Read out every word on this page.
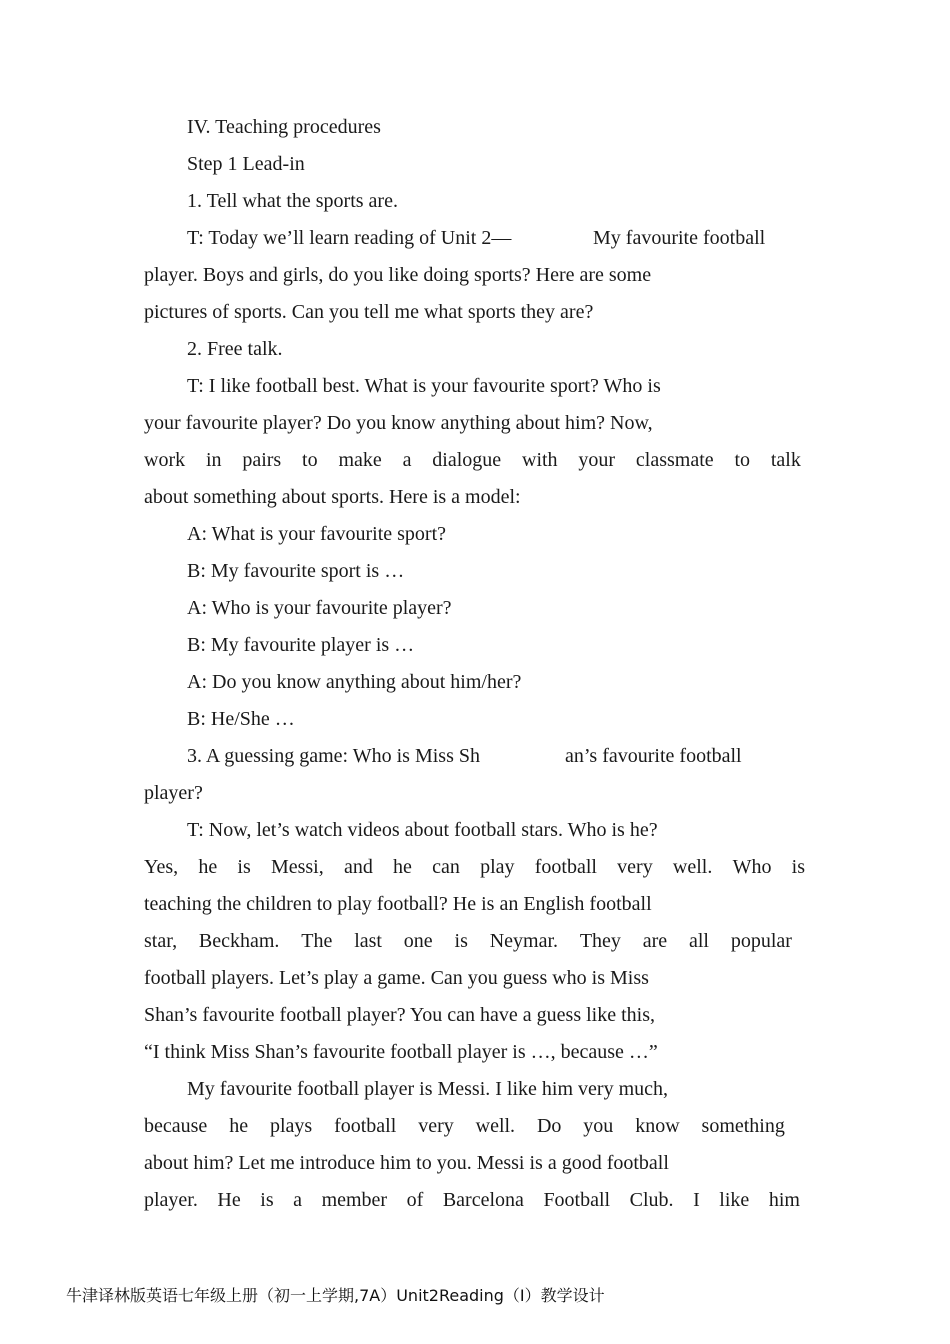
IV. Teaching procedures
Step 1 Lead-in
1. Tell what the sports are.
T: Today we’ll learn reading of Unit 2—	My favourite football
player. Boys and girls, do you like doing sports? Here are some
pictures of sports. Can you tell me what sports they are?
2. Free talk.
T: I like football best. What is your favourite sport? Who is
your favourite player? Do you know anything about him? Now,
work in pairs to make a dialogue with your classmate to talk
about something about sports. Here is a model:
A: What is your favourite sport?
B: My favourite sport is …
A: Who is your favourite player?
B: My favourite player is …
A: Do you know anything about him/her?
B: He/She …
3. A guessing game: Who is Miss Sh	an’s favourite football
player?
T: Now, let’s watch videos about football stars. Who is he?
Yes, he is Messi, and he can play football very well. Who is
teaching the children to play football? He is an English football
star, Beckham. The last one is Neymar. They are all popular
football players. Let’s play a game. Can you guess who is Miss
Shan’s favourite football player? You can have a guess like this,
“I think Miss Shan’s favourite football player is …, because …”
My favourite football player is Messi. I like him very much,
because he plays football very well. Do you know something
about him? Let me introduce him to you. Messi is a good football
player. He is a member of Barcelona Football Club. I like him
牛津译林版英语七年级上册（初一上学期,7A）Unit2Reading（I）教学设计
